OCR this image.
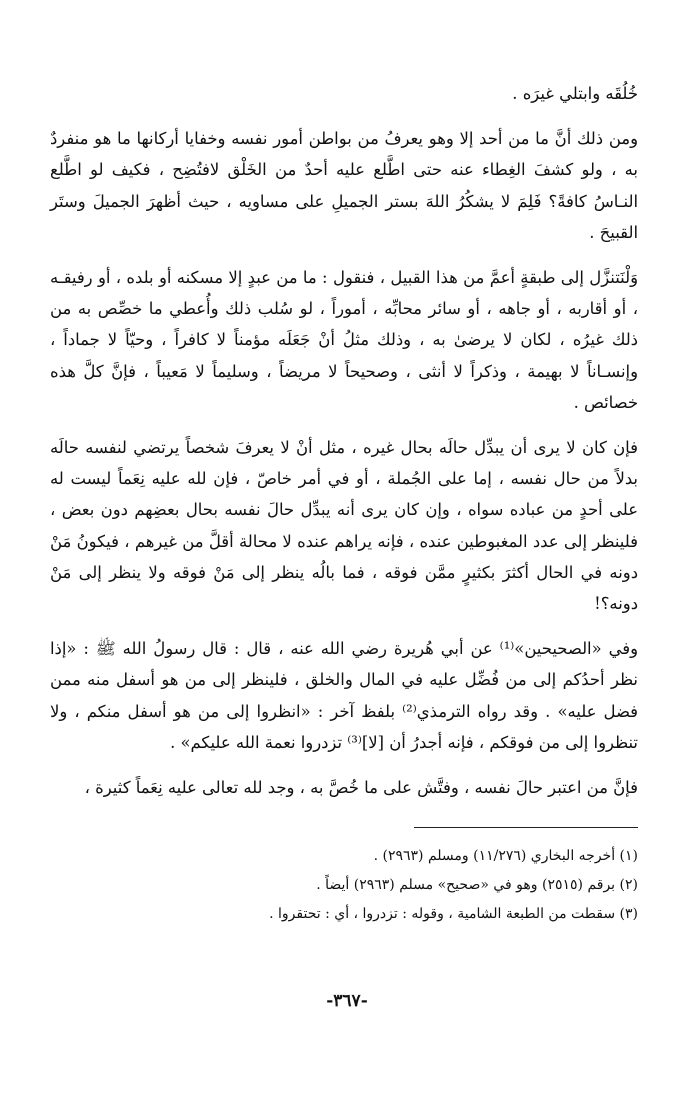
خُلُقَه وابتلي غيرَه .

ومن ذلك أنَّ ما من أحد إلا وهو يعرفُ من بواطن أمور نفسه وخفايا أركانها ما هو منفردٌ به ، ولو كشفَ الغِطاء عنه حتى اطَّلع عليه أحدٌ من الخَلْق لافتُضِح ، فكيف لو اطَّلع النـاسُ كافةً؟ فَلِمَ لا يشكُرُ اللهَ بستر الجميلِ على مساويه ، حيث أظهرَ الجميلَ وستَر القبيحَ .

وَلْنَتنزَّل إلى طبقةٍ أعمَّ من هذا القبيل ، فنقول : ما من عبدٍ إلا مسكنه أو بلده ، أو رفيقـه ، أو أقاربه ، أو جاهه ، أو سائر محابِّه ، أموراً ، لو سُلب ذلك وأُعطي ما خصِّص به من ذلك غيرُه ، لكان لا يرضىٰ به ، وذلك مثلُ أنْ جَعَلَه مؤمناً لا كافراً ، وحيّاً لا جماداً ، وإنسـاناً لا بهيمة ، وذكراً لا أنثى ، وصحيحاً لا مريضاً ، وسليماً لا مَعيباً ، فإنَّ كلَّ هذه خصائص .

فإن كان لا يرى أن يبدِّل حالَه بحال غيره ، مثل أنْ لا يعرفَ شخصاً يرتضي لنفسه حالَه بدلاً من حال نفسه ، إما على الجُملة ، أو في أمر خاصّ ، فإن لله عليه نِعَماً ليست له على أحدٍ من عباده سواه ، وإن كان يرى أنه يبدِّل حالَ نفسه بحال بعضِهم دون بعض ، فلينظر إلى عدد المغبوطين عنده ، فإنه يراهم عنده لا محالة أقلَّ من غيرهم ، فيكونُ مَنْ دونه في الحال أكثرَ بكثيرٍ ممَّن فوقه ، فما بالُه ينظر إلى مَنْ فوقه ولا ينظر إلى مَنْ دونه؟!

وفي «الصحيحين»⁽¹⁾ عن أبي هُريرة رضي الله عنه ، قال : قال رسولُ الله ﷺ : «إذا نظر أحدُكم إلى من فُضِّل عليه في المال والخلق ، فلينظر إلى من هو أسفل منه ممن فضل عليه» . وقد رواه الترمذي⁽²⁾ بلفظ آخر : «انظروا إلى من هو أسفل منكم ، ولا تنظروا إلى من فوقكم ، فإنه أجدرُ أن [لا]⁽³⁾ تزدروا نعمة الله عليكم» .

فإنَّ من اعتبر حالَ نفسه ، وفتَّش على ما خُصَّ به ، وجد لله تعالى عليه نِعَماً كثيرة ،

(١) أخرجه البخاري (١١/٢٧٦) ومسلم (٢٩٦٣) .

(٢) برقم (٢٥١٥) وهو في «صحيح» مسلم (٢٩٦٣) أيضاً .

(٣) سقطت من الطبعة الشامية ، وقوله : تزدروا ، أي : تحتقروا .

-٣٦٧-
